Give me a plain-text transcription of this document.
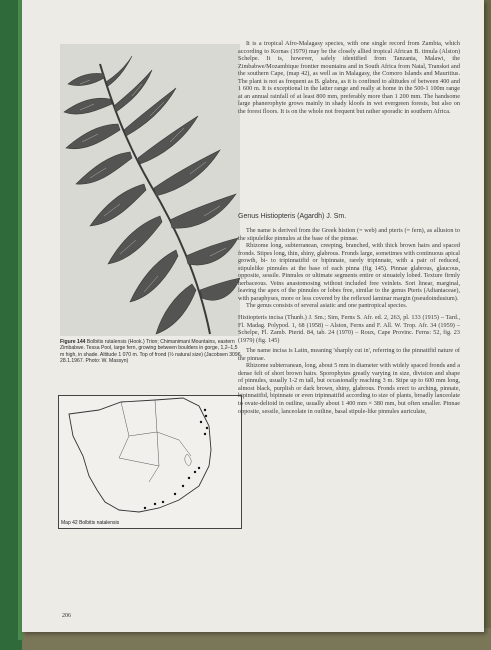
Figure 144 Bolbitis rutalensis (Hook.) Trion; Chimanimani Mountains, eastern Zimbabwe. Tessa Pool, large fern, growing between boulders in gorge, 1,2–1,5 m high, in shade. Altitude 1 070 m. Top of frond (½ natural size) (Jacobsen 3096, 28.1.1967. Photo: W. Massyn)
Map 42 Bolbitis natalensis
206

It is a tropical Afro-Malagasy species, with one single record from Zambia, which according to Kornas (1979) may be the closely allied tropical African B. timula (Alston) Schelpe. It is, however, safely identified from Tanzania, Malawi, the Zimbabwe/Mozambique frontier mountains and in South Africa from Natal, Transkei and the southern Cape, (map 42), as well as in Malagasy, the Comoro Islands and Mauritius. The plant is not as frequent as B. glabra, as it is confined to altitudes of between 400 and 1 600 m. It is exceptional in the latter range and really at home in the 500-1 100m range at an annual rainfall of at least 800 mm, preferably more than 1 200 mm. The handsome large phanerophyte grows mainly in shady kloofs in wet evergreen forests, but also on the forest floors. It is on the whole not frequent but rather sporadic in southern Africa.

Genus Histiopteris (Agardh) J. Sm.

The name is derived from the Greek histion (= web) and pteris (= fern), as allusion to the stipulelike pinnules at the base of the pinnae.

Rhizome long, subterranean, creeping, branched, with thick brown hairs and spaced fronds. Stipes long, thin, shiny, glabrous. Fronds large, sometimes with continuous apical growth, bi- to tripinnatifid or bipinnate, rarely tripinnate, with a pair of reduced, stipulelike pinnules at the base of each pinna (fig 145). Pinnae glabrous, glaucous, opposite, sessile. Pinnules or ultimate segments entire or sinuately lobed. Texture firmly herbaceous. Veins anastomosing without included free veinlets. Sori linear, marginal, leaving the apex of the pinnules or lobes free, similar to the genus Pteris (Adiantaceae), with paraphyses, more or less covered by the reflexed laminar margin (pseudoindusium).

The genus consists of several asiatic and one pantropical species.

Histiopteris incisa (Thunb.) J. Sm.; Sim, Ferns S. Afr. ed. 2, 263, pl. 133 (1915) – Tard., Fl. Madag. Polypod. 1, 68 (1958) – Alston, Ferns and F. All. W. Trop. Afr. 34 (1959) – Schelpe, Fl. Zamb. Pterid. 84, tab. 24 (1970) – Roux, Cape Provinc. Ferns: 52, fig. 23 (1979) (fig. 145)

The name incisa is Latin, meaning 'sharply cut in', referring to the pinnatifid nature of the pinnae.

Rhizome subterranean, long, about 5 mm in diameter with widely spaced fronds and a dense felt of short brown hairs. Sporophytes greatly varying in size, division and shape of pinnules, usually 1-2 m tall, but occasionally reaching 3 m. Stipe up to 600 mm long, almost black, purplish or dark brown, shiny, glabrous. Fronds erect to arching, pinnate, bipinnatifid, bipinnate or even tripinnatifid according to size of plants, broadly lanceolate to ovate-deltoid in outline, usually about 1 400 mm × 380 mm, but often smaller. Pinnae opposite, sessile, lanceolate in outline, basal stipule-like pinnules auriculate,
